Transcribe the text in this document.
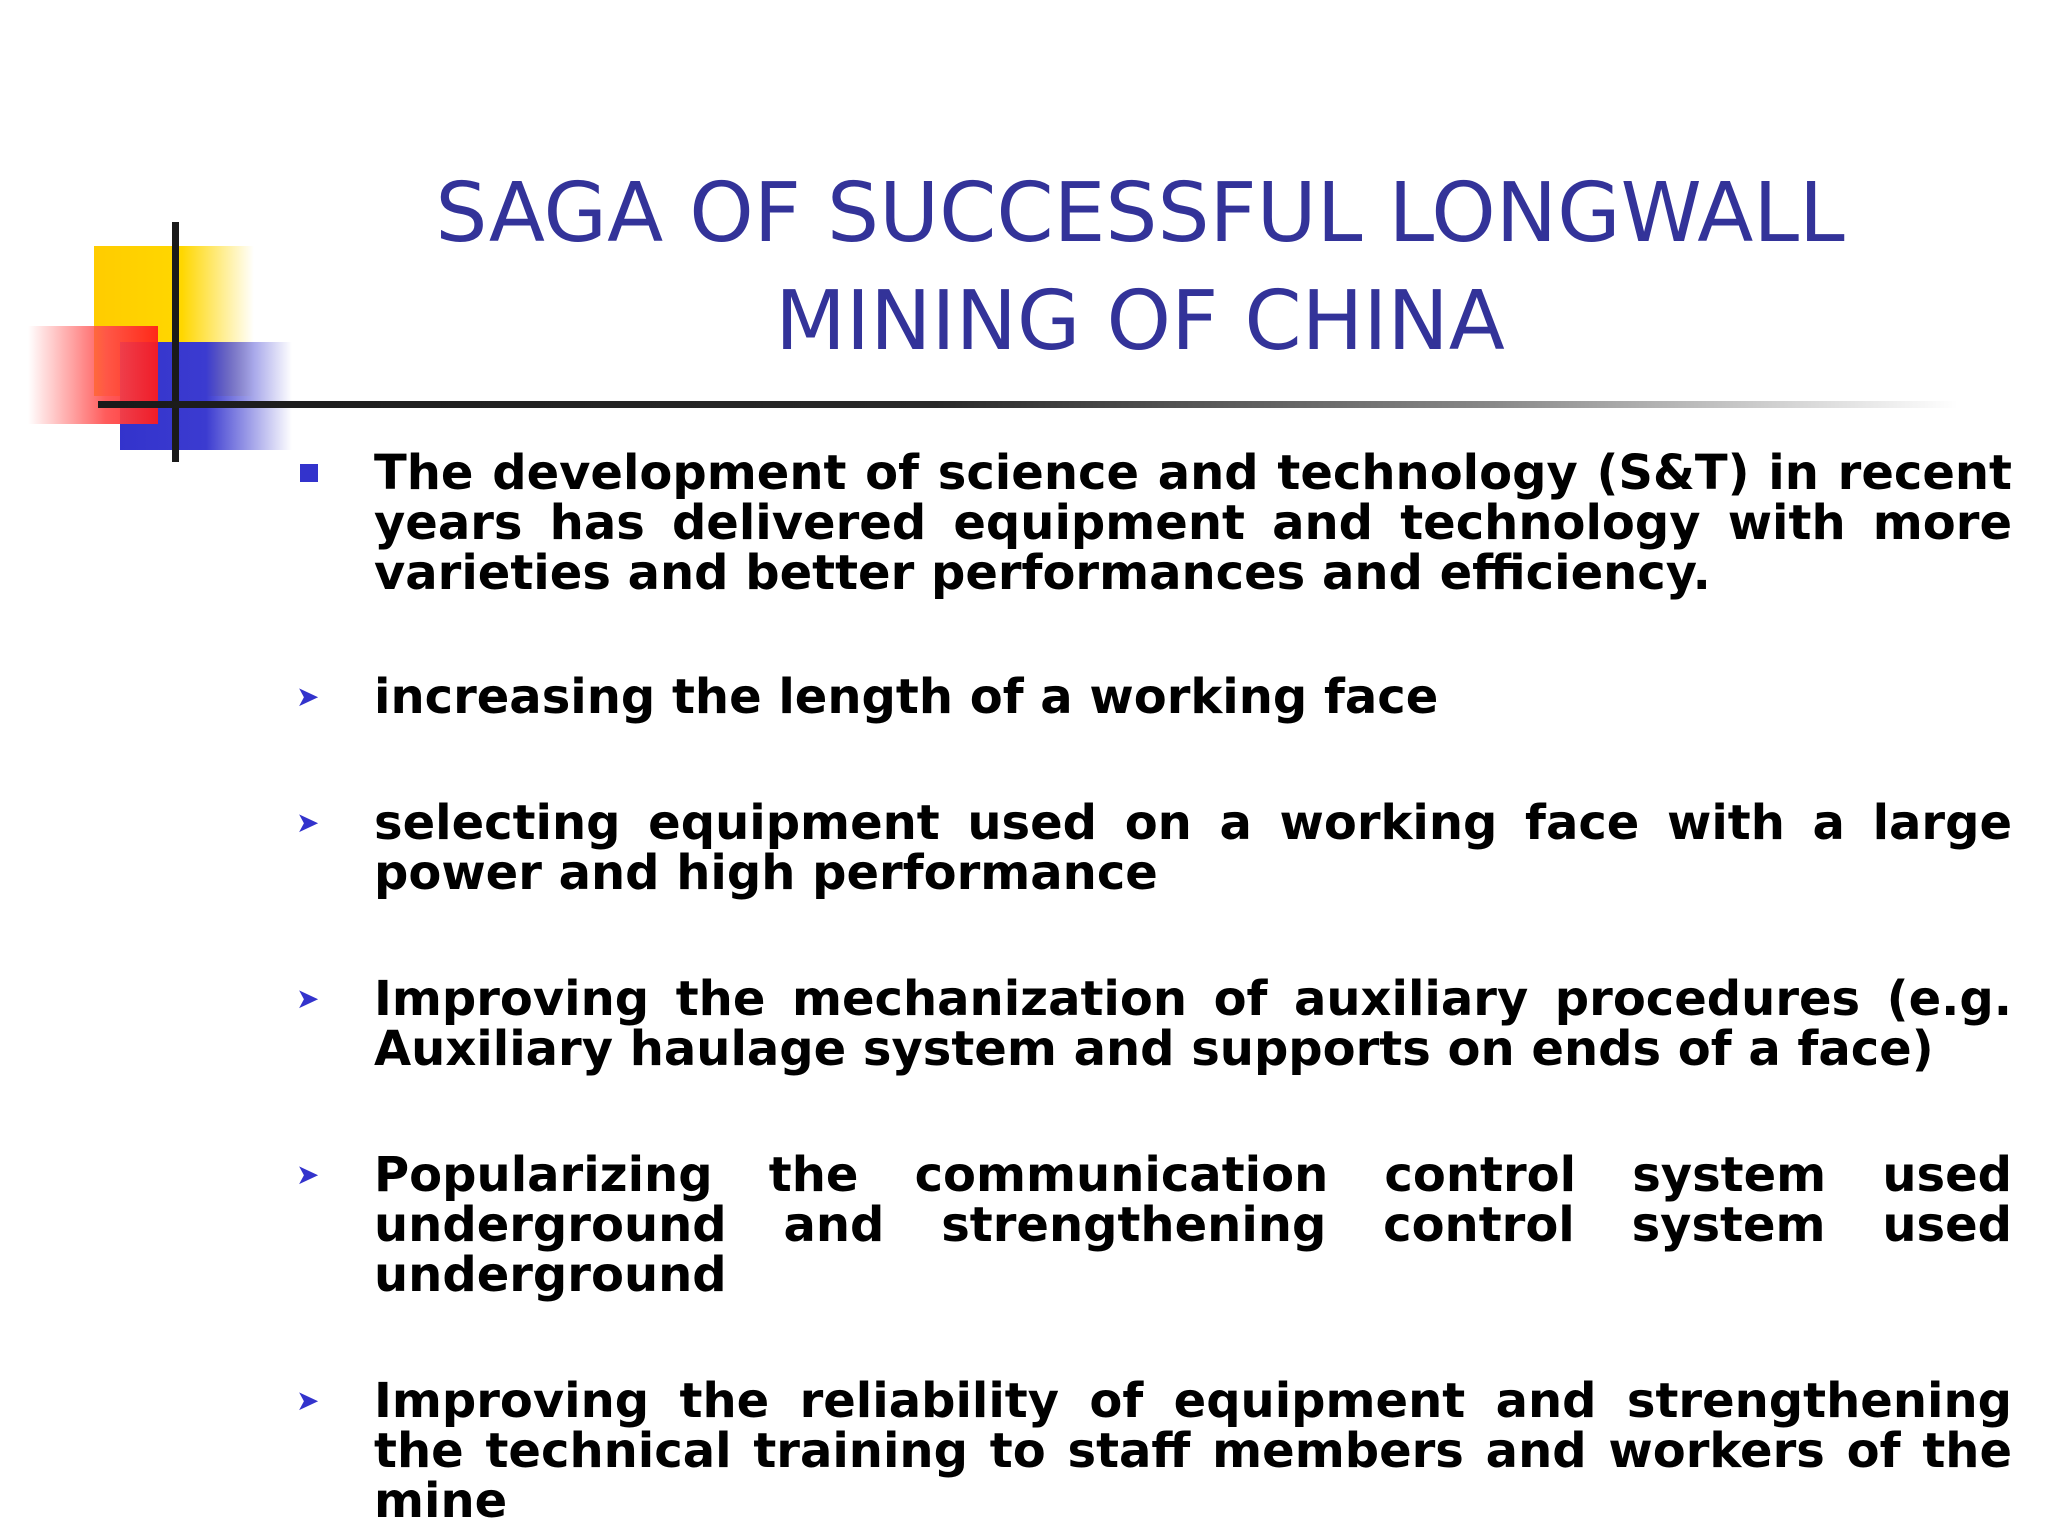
SAGA OF SUCCESSFUL LONGWALL
MINING OF CHINA
The development of science and technology (S&T) in recent years has delivered equipment and technology with more varieties and better performances and efficiency.
➤	increasing the length of a working face
➤	selecting equipment used on a working face with a large power and high performance
➤	Improving the mechanization of auxiliary procedures (e.g. Auxiliary haulage system and supports on ends of a face)
➤	Popularizing the communication control system used underground and strengthening control system used underground
➤	Improving the reliability of equipment and strengthening the technical training to staff members and workers of the mine
